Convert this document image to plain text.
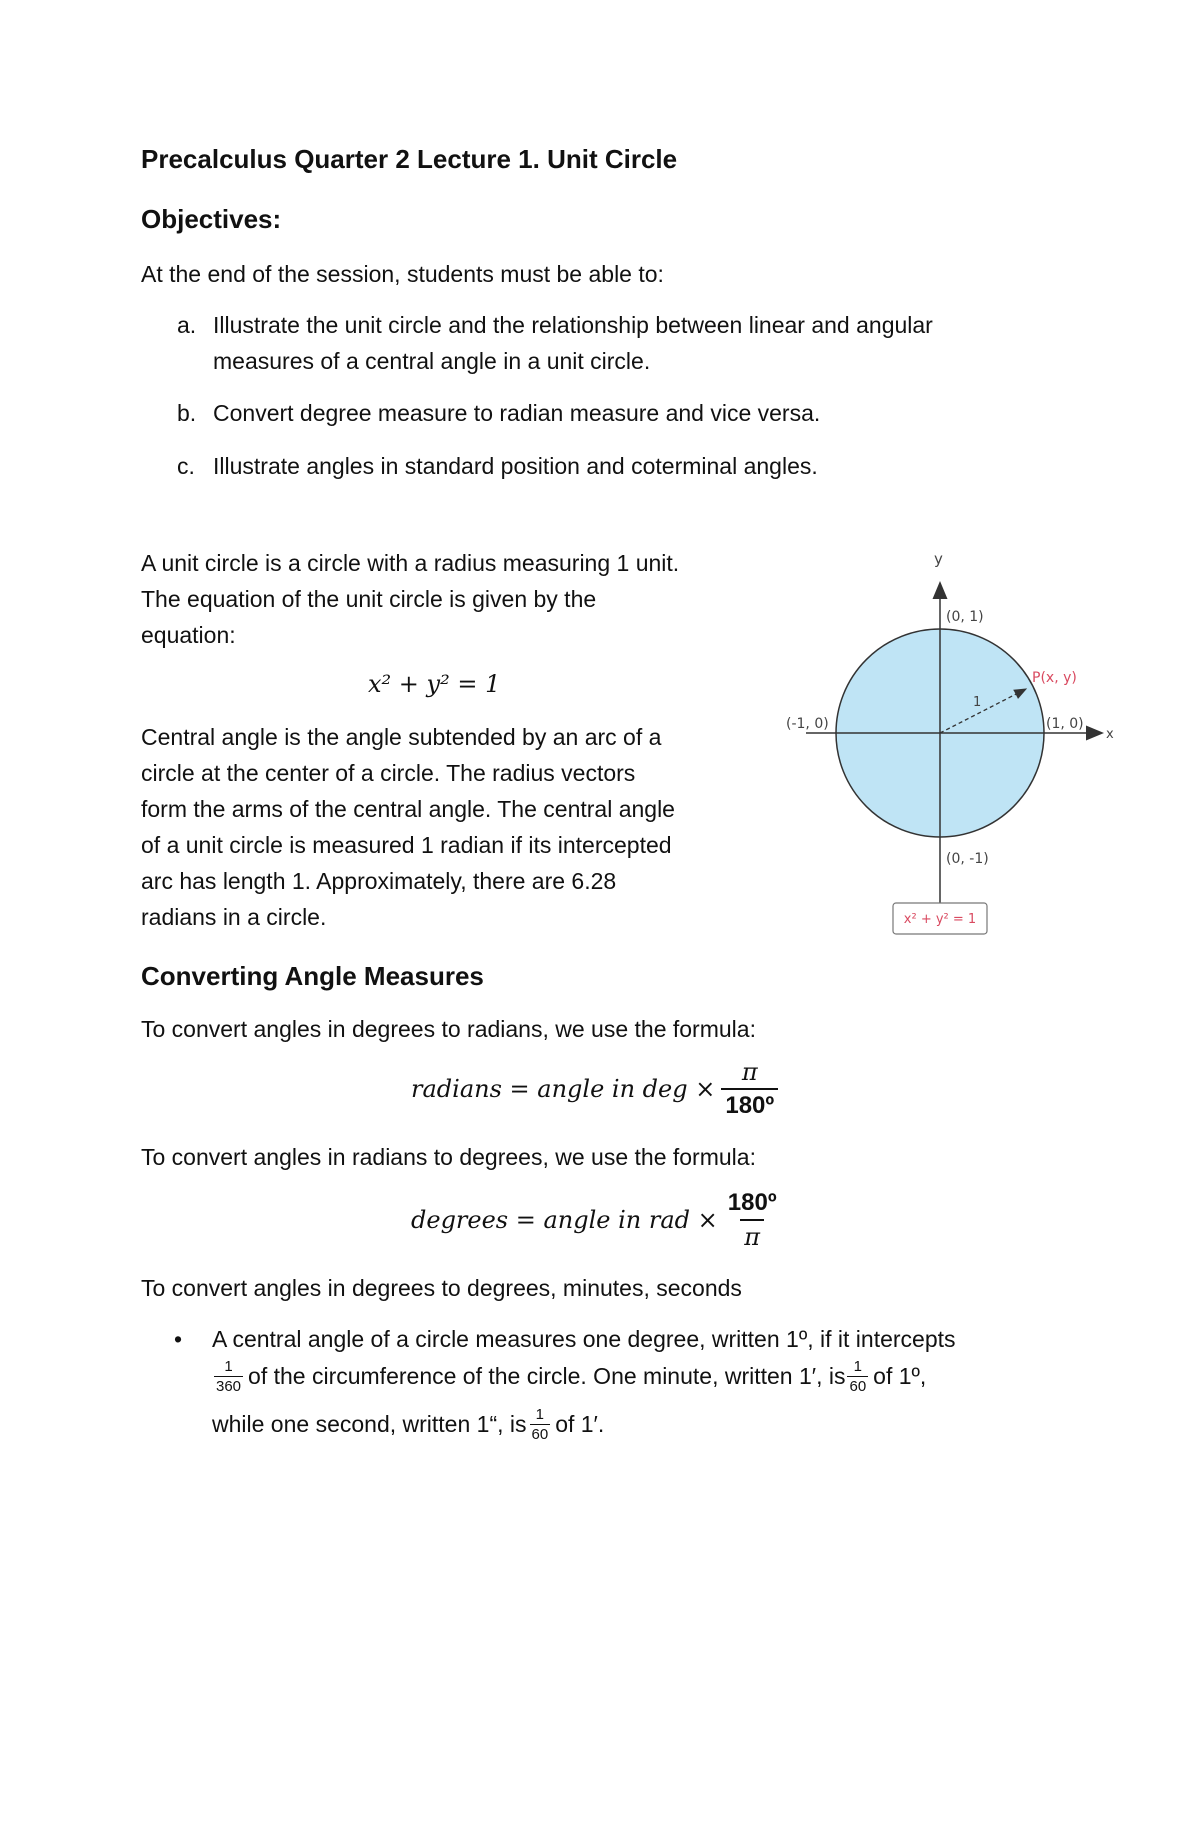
Precalculus Quarter 2 Lecture 1. Unit Circle
Objectives:
At the end of the session, students must be able to:
a. Illustrate the unit circle and the relationship between linear and angular
measures of a central angle in a unit circle.
b. Convert degree measure to radian measure and vice versa.
c. Illustrate angles in standard position and coterminal angles.
A unit circle is a circle with a radius measuring 1 unit.
The equation of the unit circle is given by the
equation:
x² + y² = 1
Central angle is the angle subtended by an arc of a
circle at the center of a circle. The radius vectors
form the arms of the central angle. The central angle
of a unit circle is measured 1 radian if its intercepted
arc has length 1. Approximately, there are 6.28
radians in a circle.
y
x
(0, 1)
(0, -1)
(-1, 0)	(1, 0)
P(x, y)
1
x² + y² = 1
Converting Angle Measures
To convert angles in degrees to radians, we use the formula:
radians = angle in deg × $\frac{\pi}{\text{180º}}$
To convert angles in radians to degrees, we use the formula:
degrees = angle in rad × $\frac{\text{180º}}{\pi}$
To convert angles in degrees to degrees, minutes, seconds
• A central angle of a circle measures one degree, written 1º, if it intercepts
$\frac{1}{360}$ of the circumference of the circle. One minute, written 1′, is $\frac{1}{60}$ of 1º,
while one second, written 1“, is $\frac{1}{60}$ of 1′.
